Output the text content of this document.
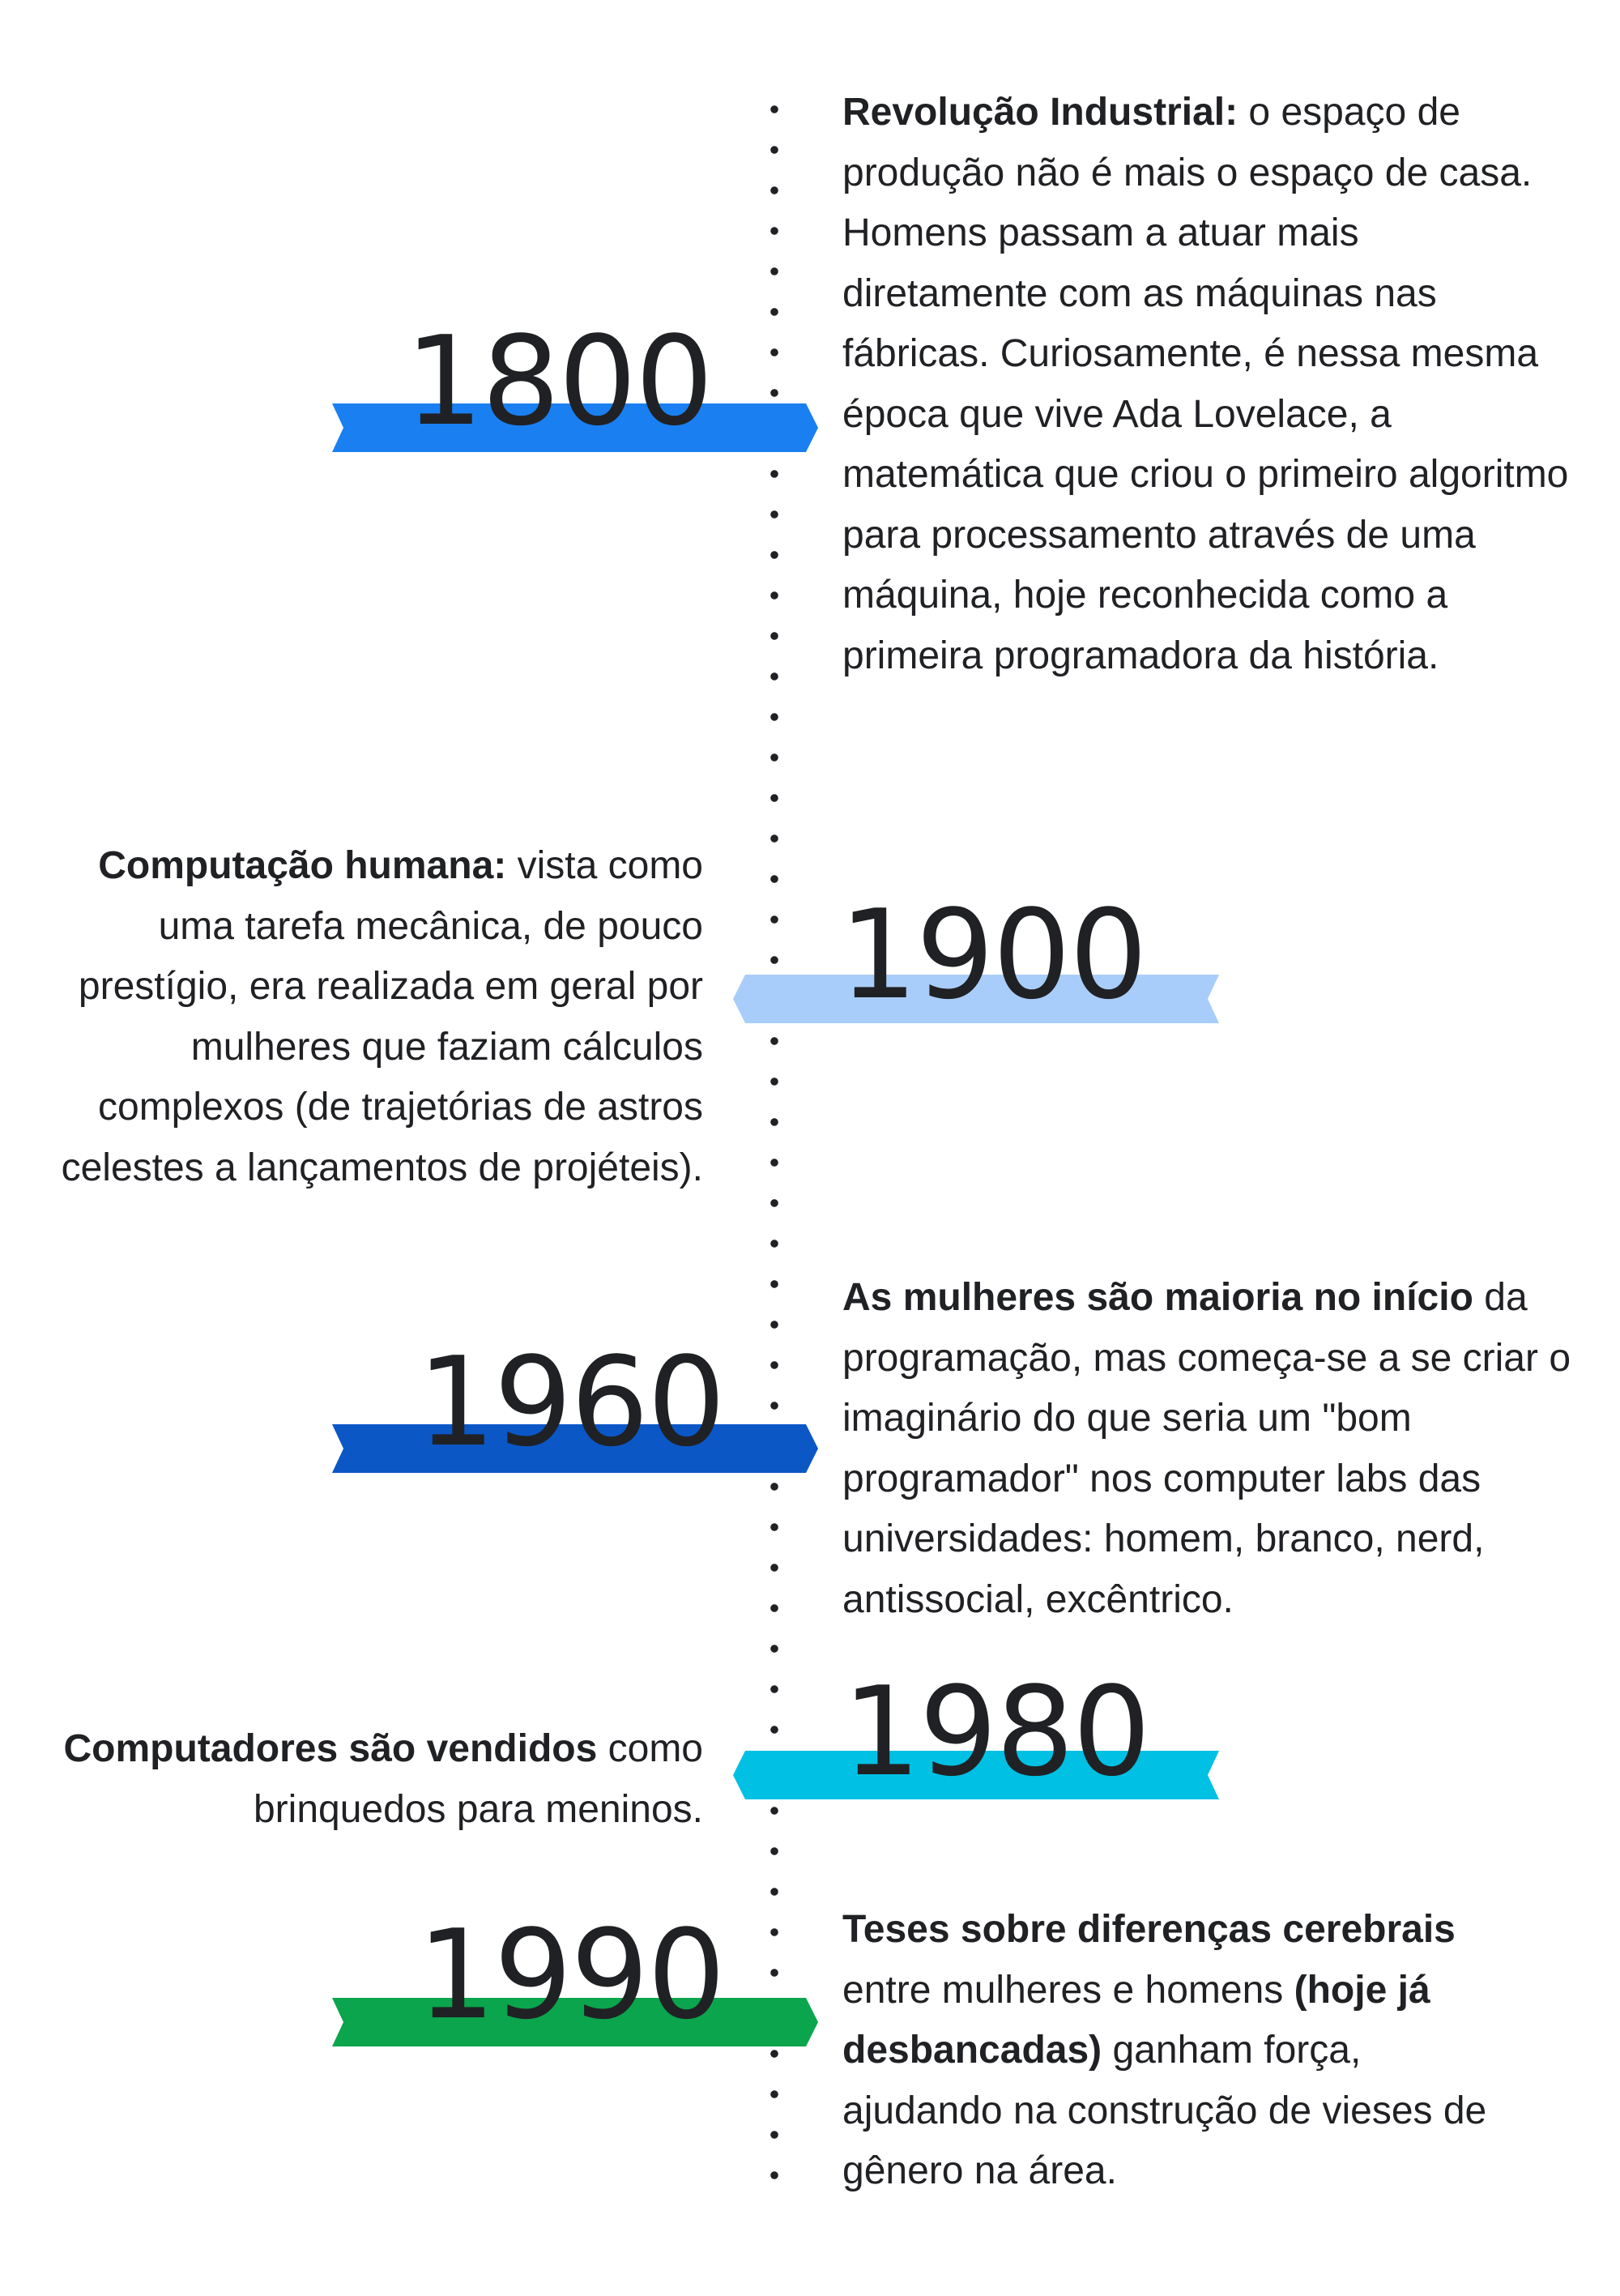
1800
Revolução Industrial: o espaço de produção não é mais o espaço de casa. Homens passam a atuar mais diretamente com as máquinas nas fábricas. Curiosamente, é nessa mesma época que vive Ada Lovelace, a matemática que criou o primeiro algoritmo para processamento através de uma máquina, hoje reconhecida como a primeira programadora da história.
1900
Computação humana: vista como uma tarefa mecânica, de pouco prestígio, era realizada em geral por mulheres que faziam cálculos complexos (de trajetórias de astros celestes a lançamentos de projéteis).
1960
As mulheres são maioria no início da programação, mas começa-se a se criar o imaginário do que seria um "bom programador" nos computer labs das universidades: homem, branco, nerd, antissocial, excêntrico.
1980
Computadores são vendidos como brinquedos para meninos.
1990	Teses sobre diferenças cerebrais entre mulheres e homens (hoje já desbancadas) ganham força, ajudando na construção de vieses de gênero na área.
